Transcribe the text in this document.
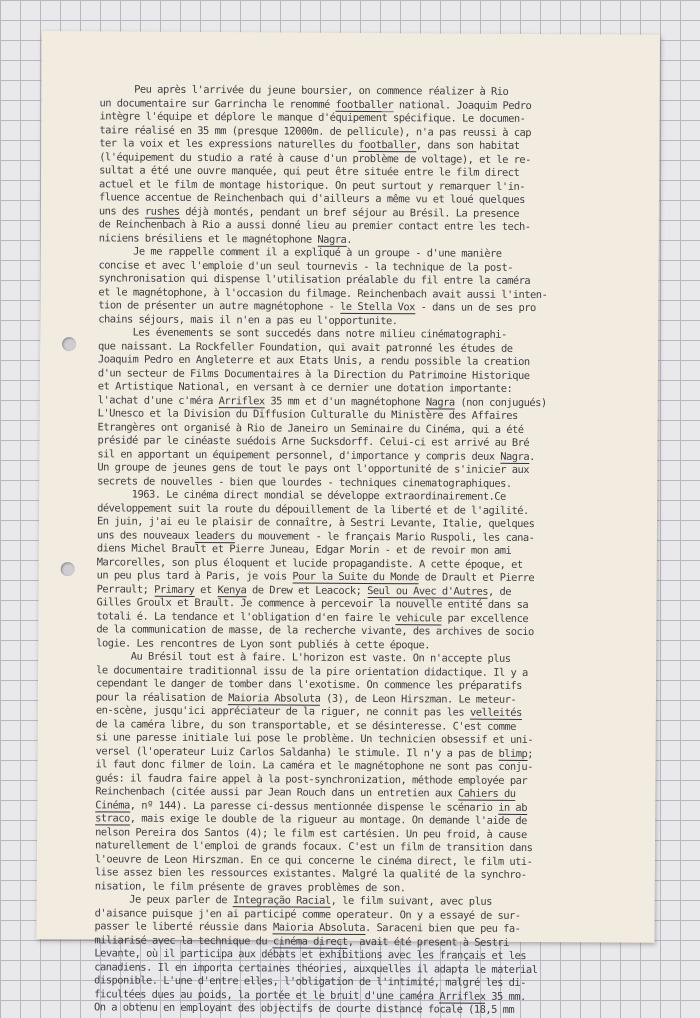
Peu après l'arrivée du jeune boursier, on commence réalizer à Rio
un documentaire sur Garrincha le renommé footballer national. Joaquim Pedro
intègre l'équipe et déplore le manque d'équipement spécifique. Le documen-
taire réalisé en 35 mm (presque 12000m. de pellicule), n'a pas reussi à cap
ter la voix et les expressions naturelles du footballer, dans son habitat
(l'équipement du studio a raté à cause d'un problème de voltage), et le re-
sultat a été une ouvre manquée, qui peut être située entre le film direct
actuel et le film de montage historique. On peut surtout y remarquer l'in-
fluence accentue de Reinchenbach qui d'ailleurs a même vu et loué quelques
uns des rushes déjà montés, pendant un bref séjour au Brésil. La presence
de Reinchenbach à Rio a aussi donné lieu au premier contact entre les tech-
niciens brésiliens et le magnétophone Nagra.
Je me rappelle comment il a expliqué à un groupe - d'une manière
concise et avec l'emploie d'un seul tournevis - la technique de la post-
synchronisation qui dispense l'utilisation préalable du fil entre la caméra
et le magnétophone, à l'occasion du filmage. Reinchenbach avait aussi l'inten-
tion de présenter un autre magnétophone - le Stella Vox - dans un de ses pro
chains séjours, mais il n'en a pas eu l'opportunite.
Les évenements se sont succedés dans notre milieu cinématographi-
que naissant. La Rockfeller Foundation, qui avait patronné les études de
Joaquim Pedro en Angleterre et aux Etats Unis, a rendu possible la creation
d'un secteur de Films Documentaires à la Direction du Patrimoine Historique
et Artistique National, en versant à ce dernier une dotation importante:
l'achat d'une c'méra Arriflex 35 mm et d'un magnétophone Nagra (non conjugués)
L'Unesco et la Division du Diffusion Culturalle du Ministère des Affaires
Etrangères ont organisé à Rio de Janeiro un Seminaire du Cinéma, qui a été
présidé par le cinéaste suédois Arne Sucksdorff. Celui-ci est arrivé au Bré
sil en apportant un équipement personnel, d'importance y compris deux Nagra.
Un groupe de jeunes gens de tout le pays ont l'opportunité de s'inicier aux
secrets de nouvelles - bien que lourdes - techniques cinematographiques.
1963. Le cinéma direct mondial se développe extraordinairement.Ce
développement suit la route du dépouillement de la liberté et de l'agilité.
En juin, j'ai eu le plaisir de connaître, à Sestri Levante, Italie, quelques
uns des nouveaux leaders du mouvement - le français Mario Ruspoli, les cana-
diens Michel Brault et Pierre Juneau, Edgar Morin - et de revoir mon ami
Marcorelles, son plus éloquent et lucide propagandiste. A cette époque, et
un peu plus tard à Paris, je vois Pour la Suite du Monde de Drault et Pierre
Perrault; Primary et Kenya de Drew et Leacock; Seul ou Avec d'Autres, de
Gilles Groulx et Brault. Je commence à percevoir la nouvelle entité dans sa
totali é. La tendance et l'obligation d'en faire le vehicule par excellence
de la communication de masse, de la recherche vivante, des archives de socio
logie. Les rencontres de Lyon sont publiés à cette époque.
Au Brésil tout est à faire. L'horizon est vaste. On n'accepte plus
le documentaire traditionnal issu de la pire orientation didactique. Il y a
cependant le danger de tomber dans l'exotisme. On commence les préparatifs
pour la réalisation de Maioria Absoluta (3), de Leon Hirszman. Le meteur-
en-scène, jusqu'ici appréciateur de la riguer, ne connit pas les velleités
de la caméra libre, du son transportable, et se désinteresse. C'est comme
si une paresse initiale lui pose le problème. Un technicien obsessif et uni-
versel (l'operateur Luiz Carlos Saldanha) le stimule. Il n'y a pas de blimp;
il faut donc filmer de loin. La caméra et le magnétophone ne sont pas conju-
gués: il faudra faire appel à la post-synchronization, méthode employée par
Reinchenbach (citée aussi par Jean Rouch dans un entretien aux Cahiers du
Cinéma, nº 144). La paresse ci-dessus mentionnée dispense le scénario in ab
straco, mais exige le double de la rigueur au montage. On demande l'aide de
nelson Pereira dos Santos (4); le film est cartésien. Un peu froid, à cause
naturellement de l'emploi de grands focaux. C'est un film de transition dans
l'oeuvre de Leon Hirszman. En ce qui concerne le cinéma direct, le film uti-
lise assez bien les ressources existantes. Malgré la qualité de la synchro-
nisation, le film présente de graves problèmes de son.
Je peux parler de Integração Racial, le film suivant, avec plus
d'aisance puisque j'en ai participé comme operateur. On y a essayé de sur-
passer le liberté réussie dans Maioria Absoluta. Saraceni bien que peu fa-
miliarisé avec la technique du cinéma direct, avait été present à Sestri
Levante, où il participa aux débats et exhibitions avec les français et les
canadiens. Il en importa certaines théories, auxquelles il adapta le material
disponible. L'une d'entre elles, l'obligation de l'intimité, malgré les di-
ficultées dues au poids, la portée et le bruit d'une caméra Arriflex 35 mm.
On a obtenu en employant des objectifs de courte distance focale (18,5 mm
